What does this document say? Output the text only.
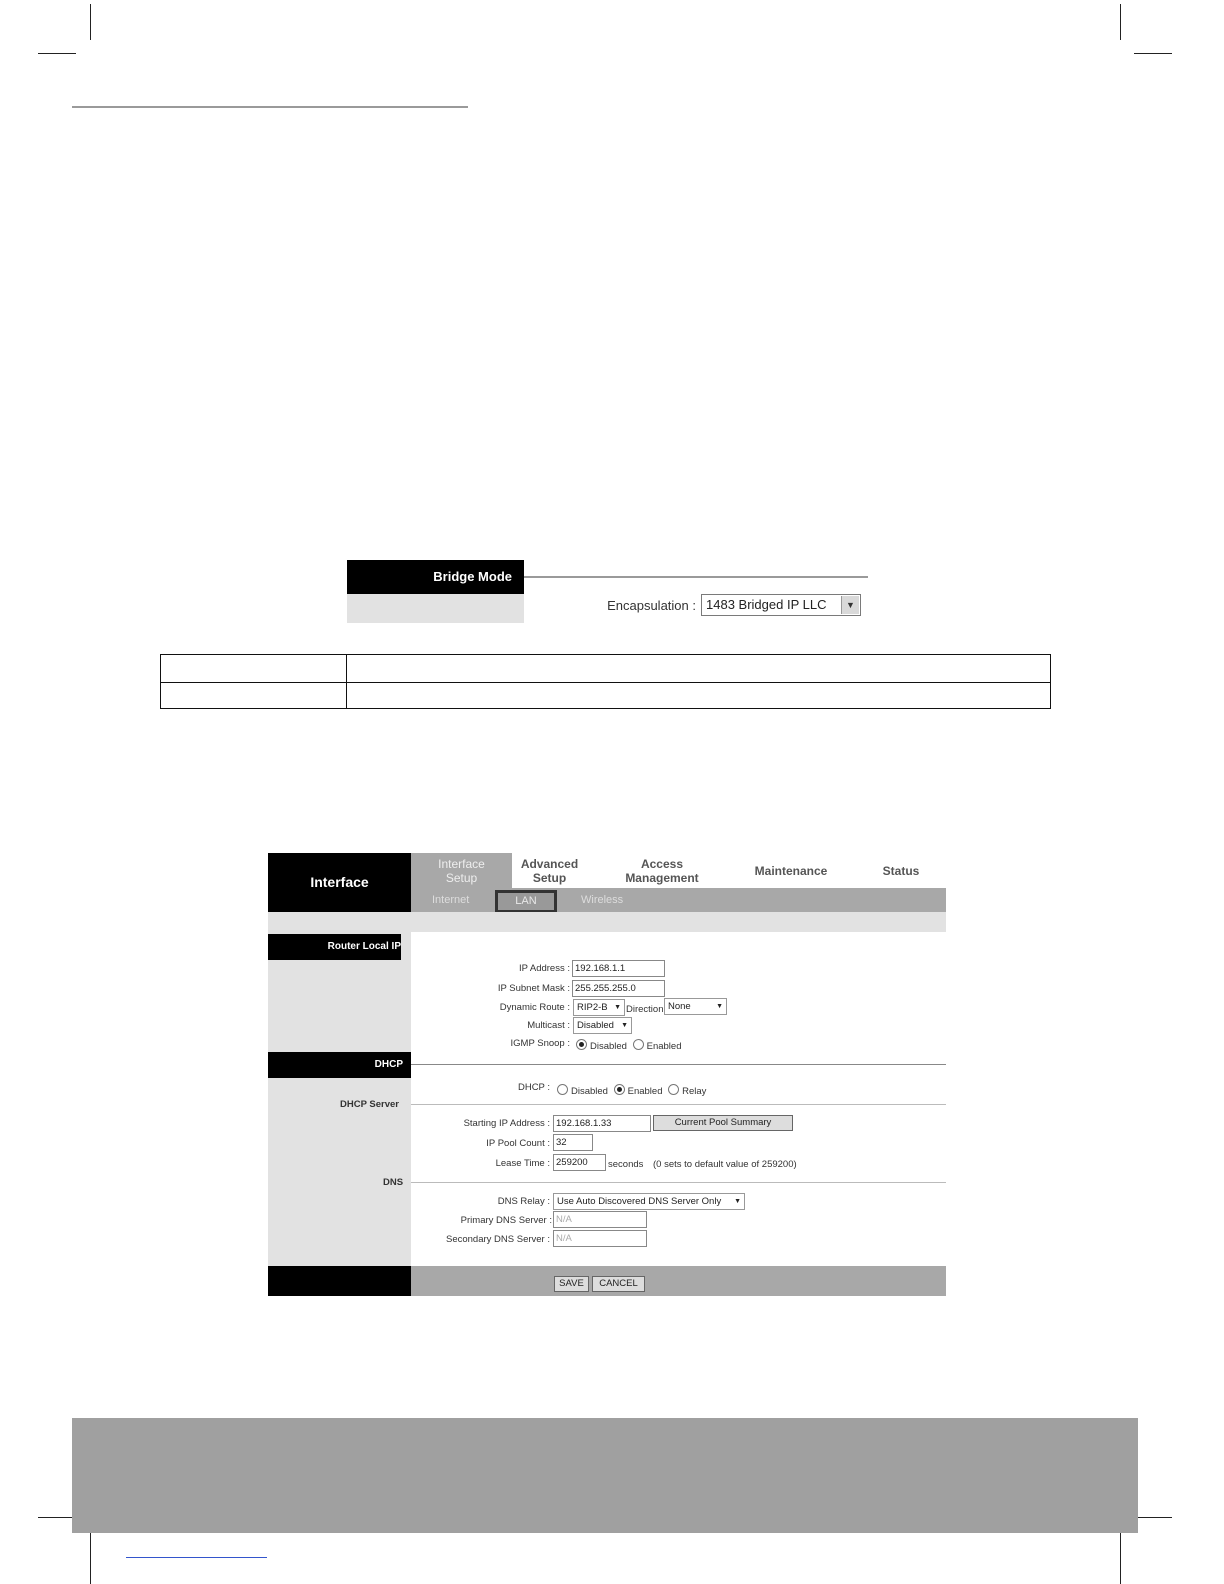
Bridge Mode
Encapsulation : 1483 Bridged IP LLC	▼
Interface
Interface
Setup
Advanced
Setup
Access
Management	Maintenance	Status
Internet	LAN	Wireless
Router Local IP
IP Address : 192.168.1.1
IP Subnet Mask : 255.255.255.0
Dynamic Route : RIP2-B ▼ Direction None	▼
Multicast : Disabled ▼
IGMP Snoop :	Disabled Enabled
DHCP
DHCP :	Disabled Enabled Relay
DHCP Server
Starting IP Address : 192.168.1.33	Current Pool Summary
IP Pool Count : 32
Lease Time : 259200	seconds (0 sets to default value of 259200)
DNS
DNS Relay : Use Auto Discovered DNS Server Only ▼
Primary DNS Server : N/A
Secondary DNS Server : N/A
SAVE	CANCEL
